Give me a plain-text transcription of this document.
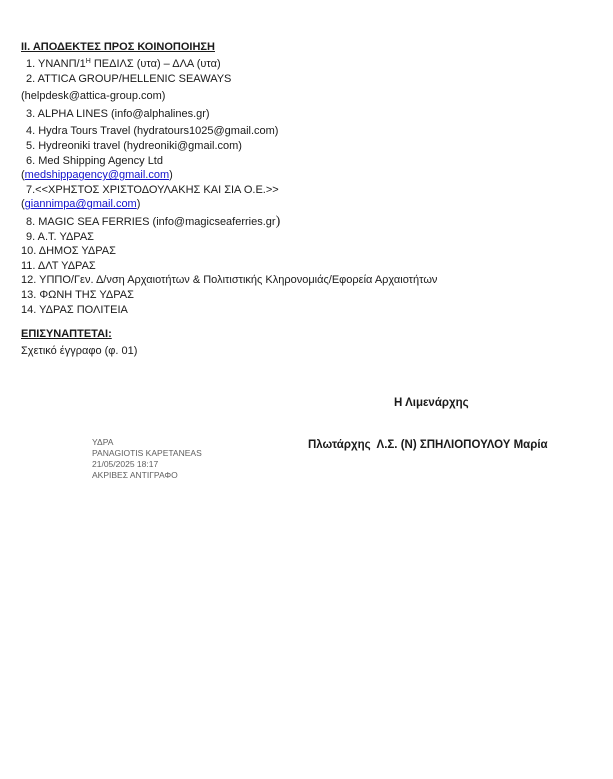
ΙΙ. ΑΠΟΔΕΚΤΕΣ ΠΡΟΣ ΚΟΙΝΟΠΟΙΗΣΗ
1. ΥΝΑΝΠ/$1^H$ ΠΕΔΙΛΣ (υτα) – ΔΛΑ (υτα)
2. ATTICA GROUP/HELLENIC SEAWAYS
(helpdesk@attica-group.com)
3. ALPHA LINES (info@alphalines.gr)
4. Hydra Tours Travel (hydratours1025@gmail.com)
5. Hydreoniki travel (hydreoniki@gmail.com)
6. Med Shipping Agency Ltd
(medshippagency@gmail.com)
7.<<ΧΡΗΣΤΟΣ ΧΡΙΣΤΟΔΟΥΛΑΚΗΣ ΚΑΙ ΣΙΑ Ο.Ε.>>
(giannimpa@gmail.com)
8. MAGIC SEA FERRIES (info@magicseaferries.gr)
9. Α.Τ. ΥΔΡΑΣ
10. ΔΗΜΟΣ ΥΔΡΑΣ
11. ΔΛΤ ΥΔΡΑΣ
12. ΥΠΠΟ/Γεν. Δ/νση Αρχαιοτήτων & Πολιτιστικής Κληρονομιάς/Εφορεία Αρχαιοτήτων
13. ΦΩΝΗ ΤΗΣ ΥΔΡΑΣ
14. ΥΔΡΑΣ ΠΟΛΙΤΕΙΑ
ΕΠΙΣΥΝΑΠΤΕΤΑΙ:
Σχετικό έγγραφο (φ. 01)
Η Λιμενάρχης
ΥΔΡΑ
PANAGIOTIS KAPETANEAS
21/05/2025 18:17
ΑΚΡΙΒΕΣ ΑΝΤΙΓΡΑΦΟ
Πλωτάρχης  Λ.Σ. (Ν) ΣΠΗΛΙΟΠΟΥΛΟΥ Μαρία
